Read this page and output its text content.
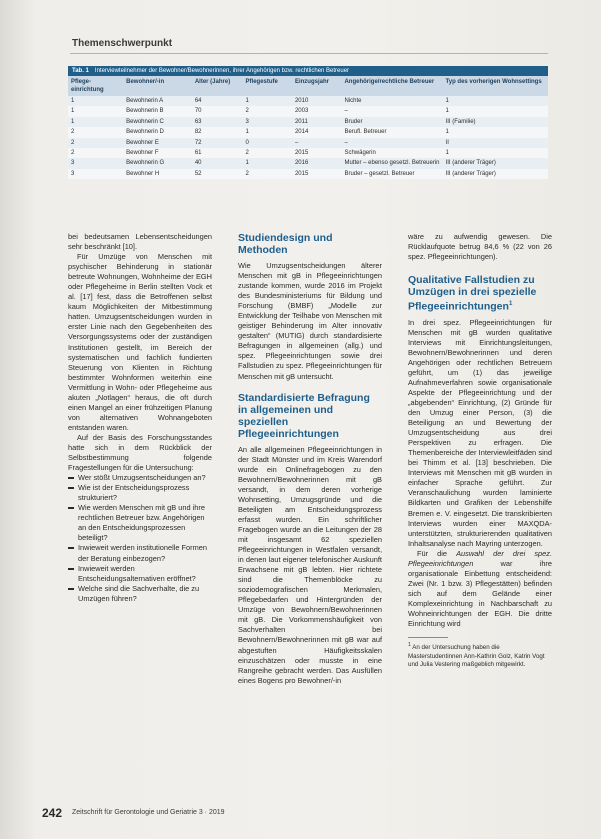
Themenschwerpunkt
Tab. 1 Interviewteilnehmer der Bewohner/Bewohnerinnen, ihrer Angehörigen bzw. rechtlichen Betreuer
Pflege-
einrichtung	Bewohner/-in	Alter (Jahre)	Pflegestufe	Einzugsjahr	Angehörige/rechtliche Betreuer	Typ des vorherigen Wohnsettings
1	Bewohnerin A	64	1	2010	Nichte	1
1	Bewohnerin B	70	2	2003	–	1
1	Bewohnerin C	63	3	2011	Bruder	III (Familie)
2	Bewohnerin D	82	1	2014	Berufl. Betreuer	1
2	Bewohner E	72	0	–	–	II
2	Bewohner F	61	2	2015	Schwägerin	1
3	Bewohnerin G	40	1	2016	Mutter – ebenso gesetzl. Betreuerin	III (anderer Träger)
3	Bewohner H	52	2	2015	Bruder – gesetzl. Betreuer	III (anderer Träger)

bei bedeutsamen Lebensentscheidungen sehr beschränkt [10].

Für Umzüge von Menschen mit psychischer Behinderung in stationär betreute Wohnungen, Wohnheime der EGH oder Pflegeheime in Berlin stellten Vock et al. [17] fest, dass die Betroffenen selbst kaum Möglichkeiten der Mitbestimmung hatten. Umzugsentscheidungen wurden in erster Linie nach den Gegebenheiten des Versorgungssystems oder der zuständigen Institutionen gestellt, im Bereich der systematischen und fachlich fundierten Steuerung von Klienten in Richtung bestimmter Wohnformen weiterhin eine Vermittlung in Wohn- oder Pflegeheime aus akuten „Notlagen“ heraus, die oft durch einen Mangel an einer frühzeitigen Planung von alternativen Wohnangeboten entstanden waren.

Auf der Basis des Forschungsstandes hatte sich in dem Rückblick der Selbstbestimmung folgende Fragestellungen für die Untersuchung:

Wer stößt Umzugsentscheidungen an?
Wie ist der Entscheidungsprozess strukturiert?
Wie werden Menschen mit gB und ihre rechtlichen Betreuer bzw. Angehörigen an den Entscheidungsprozessen beteiligt?
Inwieweit werden institutionelle Formen der Beratung einbezogen?
Inwieweit werden Entscheidungsalternativen eröffnet?
Welche sind die Sachverhalte, die zu Umzügen führen?
Studiendesign und Methoden

Wie Umzugsentscheidungen älterer Menschen mit gB in Pflegeeinrichtungen zustande kommen, wurde 2016 im Projekt des Bundesministeriums für Bildung und Forschung (BMBF) „Modelle zur Entwicklung der Teilhabe von Menschen mit geistiger Behinderung im Alter innovativ gestalten“ (MUTIG) durch standardisierte Befragungen in allgemeinen (allg.) und spez. Pflegeeinrichtungen sowie drei Fallstudien zu spez. Pflegeeinrichtungen für Menschen mit gB untersucht.

Standardisierte Befragung in allgemeinen und speziellen Pflegeeinrichtungen

An alle allgemeinen Pflegeeinrichtungen in der Stadt Münster und im Kreis Warendorf wurde ein Onlinefragebogen zu den Bewohnern/Bewohnerinnen mit gB versandt, in dem deren vorherige Wohnsetting, Umzugsgründe und die Beteiligten am Entscheidungsprozess erfasst wurden. Ein schriftlicher Fragebogen wurde an die Leitungen der 28 mit insgesamt 62 speziellen Pflegeeinrichtungen in Westfalen versandt, in denen laut eigener telefonischer Auskunft Erwachsene mit gB lebten. Hier richtete sind die Themenblöcke zu soziodemografischen Merkmalen, Pflegebedarfen und Hintergründen der Umzüge von Bewohnern/Bewohnerinnen mit gB. Die Vorkommenshäufigkeit von Sachverhalten bei Bewohnern/Bewohnerinnen mit gB war auf abgestuften Häufigkeitsskalen einzuschätzen oder musste in eine Rangreihe gebracht werden. Das Ausfüllen eines Bogens pro Bewohner/-in

wäre zu aufwendig gewesen. Die Rücklaufquote betrug 84,6 % (22 von 26 spez. Pflegeeinrichtungen).

Qualitative Fallstudien zu Umzügen in drei spezielle Pflegeeinrichtungen$^1$

In drei spez. Pflegeeinrichtungen für Menschen mit gB wurden qualitative Interviews mit Einrichtungsleitungen, Bewohnern/Bewohnerinnen und deren Angehörigen oder rechtlichen Betreuern geführt, um (1) das jeweilige Aufnahmeverfahren sowie organisationale Aspekte der Pflegeeinrichtung und der „abgebenden“ Einrichtung, (2) Gründe für den Umzug einer Person, (3) die Beteiligung an und Bewertung der Umzugsentscheidung aus drei Perspektiven zu erfragen. Die Themenbereiche der Interviewleitfäden sind bei Thimm et al. [13] beschrieben. Die Interviews mit Menschen mit gB wurden in einfacher Sprache geführt. Zur Veranschaulichung wurden laminierte Bildkarten und Grafiken der Lebenshilfe Bremen e. V. eingesetzt. Die transkribierten Interviews wurden einer MAXQDA-unterstützten, strukturierenden qualitativen Inhaltsanalyse nach Mayring unterzogen.

Für die Auswahl der drei spez. Pflegeeinrichtungen war ihre organisationale Einbettung entscheidend: Zwei (Nr. 1 bzw. 3) Pflegestätten) befinden sich auf dem Gelände einer Komplexeinrichtung in Nachbarschaft zu Wohneinrichtungen der EGH. Die dritte Einrichtung wird

$^1$ An der Untersuchung haben die Masterstudentinnen Ann-Kathrin Golz, Katrin Vogt und Julia Vestering maßgeblich mitgewirkt.
242 Zeitschrift für Gerontologie und Geriatrie 3 · 2019
